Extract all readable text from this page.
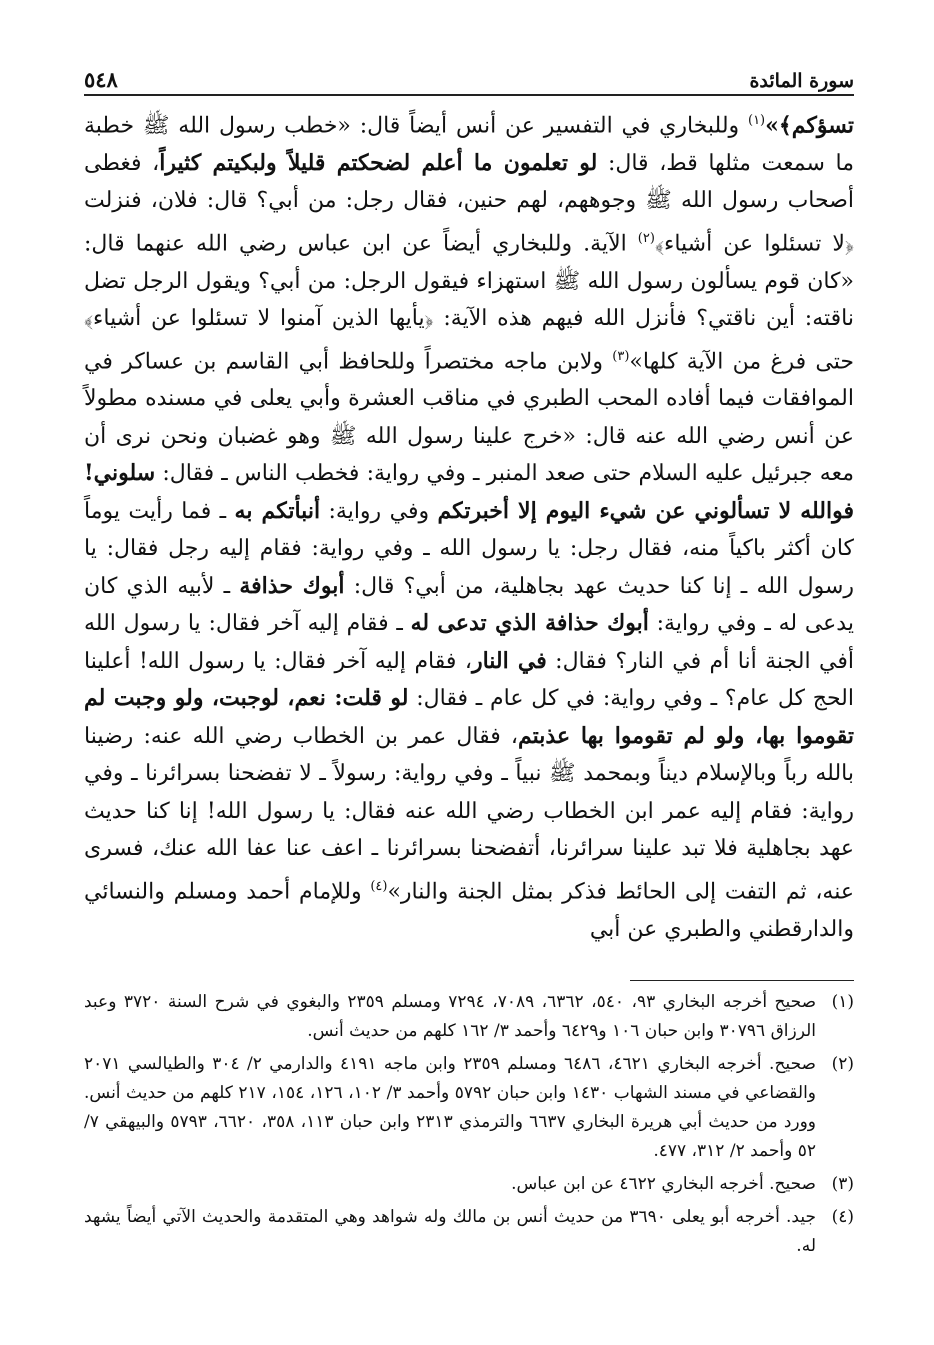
٥٤٨	سورة المائدة
تسؤكم﴾»$^{(١)}$ وللبخاري في التفسير عن أنس أيضاً قال: «خطب رسول الله ﷺ خطبة ما سمعت مثلها قط، قال: لو تعلمون ما أعلم لضحكتم قليلاً ولبكيتم كثيراً، فغطى أصحاب رسول الله ﷺ وجوههم، لهم حنين، فقال رجل: من أبي؟ قال: فلان، فنزلت ﴿لا تسئلوا عن أشياء﴾$^{(٢)}$ الآية. وللبخاري أيضاً عن ابن عباس رضي الله عنهما قال: «كان قوم يسألون رسول الله ﷺ استهزاء فيقول الرجل: من أبي؟ ويقول الرجل تضل ناقته: أين ناقتي؟ فأنزل الله فيهم هذه الآية: ﴿يأيها الذين آمنوا لا تسئلوا عن أشياء﴾ حتى فرغ من الآية كلها»$^{(٣)}$ ولابن ماجه مختصراً وللحافظ أبي القاسم بن عساكر في الموافقات فيما أفاده المحب الطبري في مناقب العشرة وأبي يعلى في مسنده مطولاً عن أنس رضي الله عنه قال: «خرج علينا رسول الله ﷺ وهو غضبان ونحن نرى أن معه جبرئيل عليه السلام حتى صعد المنبر ـ وفي رواية: فخطب الناس ـ فقال: سلوني! فوالله لا تسألوني عن شيء اليوم إلا أخبرتكم وفي رواية: أنبأتكم به ـ فما رأيت يوماً كان أكثر باكياً منه، فقال رجل: يا رسول الله ـ وفي رواية: فقام إليه رجل فقال: يا رسول الله ـ إنا كنا حديث عهد بجاهلية، من أبي؟ قال: أبوك حذافة ـ لأبيه الذي كان يدعى له ـ وفي رواية: أبوك حذافة الذي تدعى له ـ فقام إليه آخر فقال: يا رسول الله أفي الجنة أنا أم في النار؟ فقال: في النار، فقام إليه آخر فقال: يا رسول الله! أعلينا الحج كل عام؟ ـ وفي رواية: في كل عام ـ فقال: لو قلت: نعم، لوجبت، ولو وجبت لم تقوموا بها، ولو لم تقوموا بها عذبتم، فقال عمر بن الخطاب رضي الله عنه: رضينا بالله رباً وبالإسلام ديناً وبمحمد ﷺ نبياً ـ وفي رواية: رسولاً ـ لا تفضحنا بسرائرنا ـ وفي رواية: فقام إليه عمر ابن الخطاب رضي الله عنه فقال: يا رسول الله! إنا كنا حديث عهد بجاهلية فلا تبد علينا سرائرنا، أتفضحنا بسرائرنا ـ اعف عنا عفا الله عنك، فسرى عنه، ثم التفت إلى الحائط فذكر بمثل الجنة والنار»$^{(٤)}$ وللإمام أحمد ومسلم والنسائي والدارقطني والطبري عن أبي
(١)
صحيح أخرجه البخاري ٩٣، ٥٤٠، ٦٣٦٢، ٧٠٨٩، ٧٢٩٤ ومسلم ٢٣٥٩ والبغوي في شرح السنة ٣٧٢٠ وعبد الرزاق ٣٠٧٩٦ وابن حبان ١٠٦ و٦٤٢٩ وأحمد ٣/ ١٦٢ كلهم من حديث أنس.
(٢)
صحيح. أخرجه البخاري ٤٦٢١، ٦٤٨٦ ومسلم ٢٣٥٩ وابن ماجه ٤١٩١ والدارمي ٢/ ٣٠٤ والطيالسي ٢٠٧١ والقضاعي في مسند الشهاب ١٤٣٠ وابن حبان ٥٧٩٢ وأحمد ٣/ ١٠٢، ١٢٦، ١٥٤، ٢١٧ كلهم من حديث أنس. وورد من حديث أبي هريرة البخاري ٦٦٣٧ والترمذي ٢٣١٣ وابن حبان ١١٣، ٣٥٨، ٦٦٢٠، ٥٧٩٣ والبيهقي ٧/ ٥٢ وأحمد ٢/ ٣١٢، ٤٧٧.
(٣)
صحيح. أخرجه البخاري ٤٦٢٢ عن ابن عباس.
(٤)
جيد. أخرجه أبو يعلى ٣٦٩٠ من حديث أنس بن مالك وله شواهد وهي المتقدمة والحديث الآتي أيضاً يشهد له.
